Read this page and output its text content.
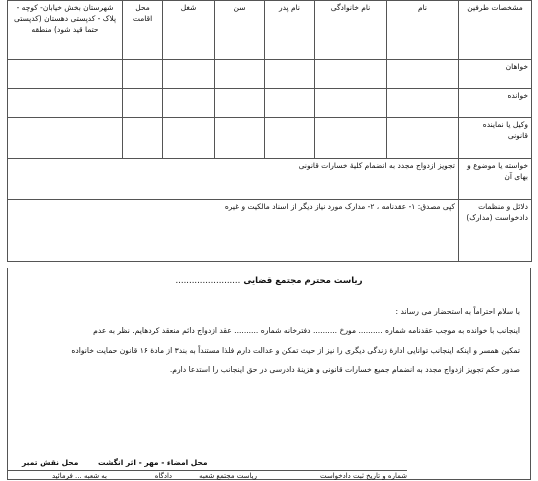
مشخصات طرفین	نام	نام خانوادگی	نام پدر	سن	شغل	محل اقامت	شهرستان بخش خیابان- کوچه - پلاک - کدپستی دهستان (کدپستی حتما قید شود) منطقه
خواهان							
خوانده							
وکیل یا نماینده قانونی							
خواسته یا موضوع و بهای آن	تجویز ازدواج مجدد به انضمام کلیهٔ خسارات قانونی						
دلائل و منظمات دادخواست (مدارک)	کپی مصدق: ۱- عقدنامه ، ۲- مدارک مورد نیاز دیگر از اسناد مالکیت و غیره						
ریاست محترم مجتمع قضایی ........................
با سلام احتراماً به استحضار می رساند :
اینجانب با خوانده به موجب عقدنامه شماره .......... مورخ .......... دفترخانه شماره .......... عقد ازدواج دائم منعقد کردهایم. نظر به عدم
تمکین همسر و اینکه اینجانب توانایی ادارهٔ زندگی دیگری را نیز از حیث تمکن و عدالت دارم فلذا مستنداً به بند۳ از مادهٔ ۱۶ قانون حمایت خانواده
صدور حکم تجویز ازدواج مجدد به انضمام جمیع خسارات قانونی و هزینهٔ دادرسی در حق اینجانب را استدعا دارم.
محل امضاء - مهر - اثر انگشت
محل نقش تمبر
شماره و تاریخ ثبت دادخواست
ریاست مجتمع شعبه
دادگاه
به شعبه ... فرمائید
